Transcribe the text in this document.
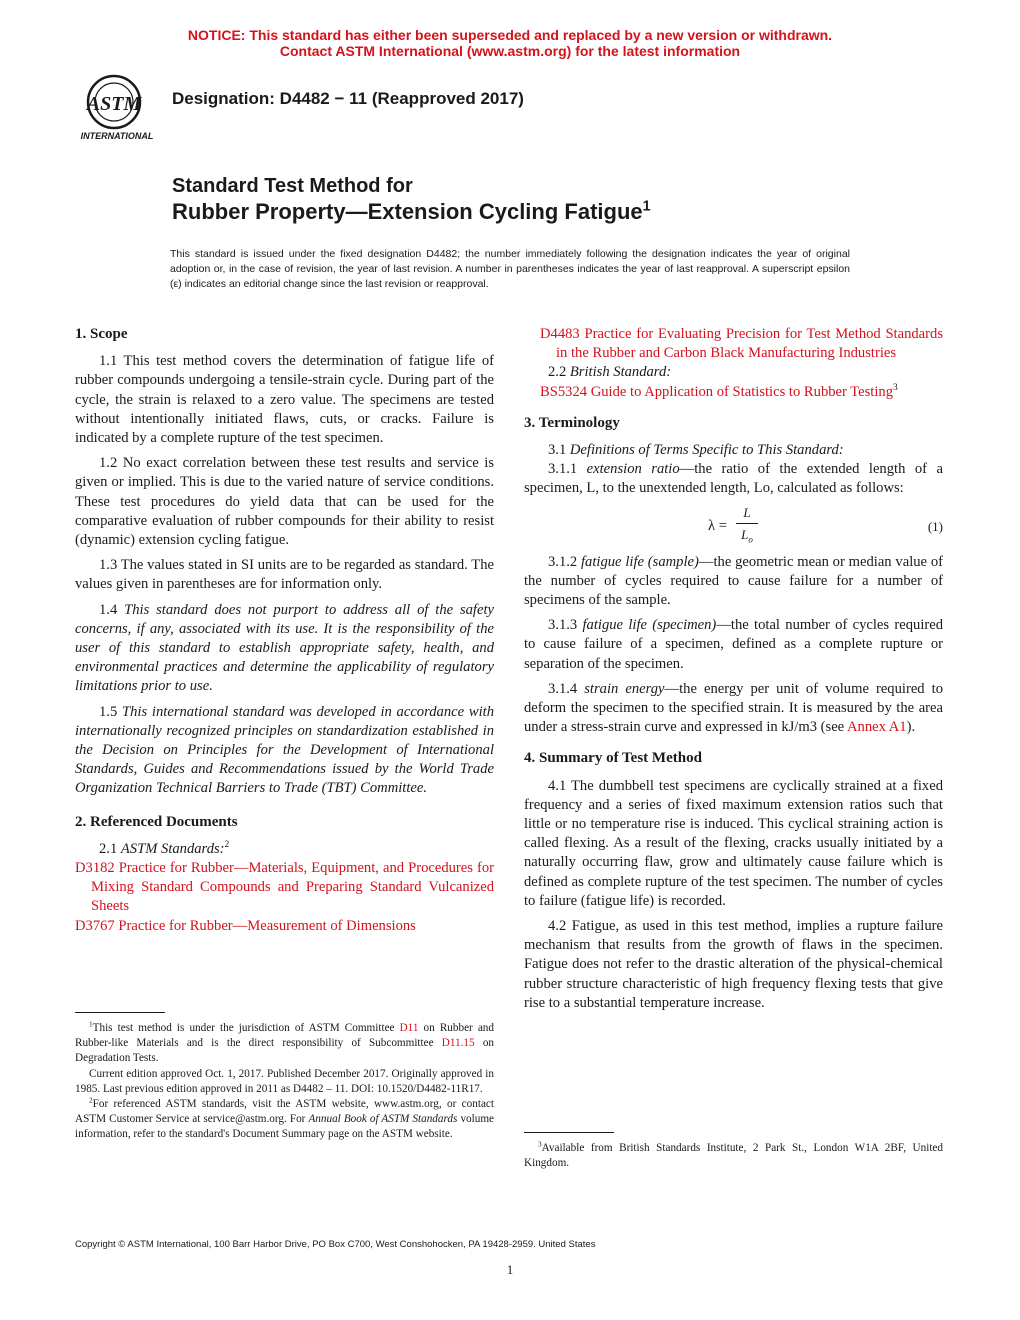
NOTICE: This standard has either been superseded and replaced by a new version or withdrawn.
Contact ASTM International (www.astm.org) for the latest information
ASTM
INTERNATIONAL
Designation: D4482 − 11 (Reapproved 2017)
Standard Test Method for
Rubber Property—Extension Cycling Fatigue$^1$
This standard is issued under the fixed designation D4482; the number immediately following the designation indicates the year of original adoption or, in the case of revision, the year of last revision. A number in parentheses indicates the year of last reapproval. A superscript epsilon (ε) indicates an editorial change since the last revision or reapproval.
1. Scope

1.1 This test method covers the determination of fatigue life of rubber compounds undergoing a tensile-strain cycle. During part of the cycle, the strain is relaxed to a zero value. The specimens are tested without intentionally initiated flaws, cuts, or cracks. Failure is indicated by a complete rupture of the test specimen.

1.2 No exact correlation between these test results and service is given or implied. This is due to the varied nature of service conditions. These test procedures do yield data that can be used for the comparative evaluation of rubber compounds for their ability to resist (dynamic) extension cycling fatigue.

1.3 The values stated in SI units are to be regarded as standard. The values given in parentheses are for information only.

1.4 This standard does not purport to address all of the safety concerns, if any, associated with its use. It is the responsibility of the user of this standard to establish appropriate safety, health, and environmental practices and determine the applicability of regulatory limitations prior to use.

1.5 This international standard was developed in accordance with internationally recognized principles on standardization established in the Decision on Principles for the Development of International Standards, Guides and Recommendations issued by the World Trade Organization Technical Barriers to Trade (TBT) Committee.

2. Referenced Documents

2.1 ASTM Standards:$^2$

D3182 Practice for Rubber—Materials, Equipment, and Procedures for Mixing Standard Compounds and Preparing Standard Vulcanized Sheets

D3767 Practice for Rubber—Measurement of Dimensions

$^1$This test method is under the jurisdiction of ASTM Committee D11 on Rubber and Rubber-like Materials and is the direct responsibility of Subcommittee D11.15 on Degradation Tests.

Current edition approved Oct. 1, 2017. Published December 2017. Originally approved in 1985. Last previous edition approved in 2011 as D4482 – 11. DOI: 10.1520/D4482-11R17.

$^2$For referenced ASTM standards, visit the ASTM website, www.astm.org, or contact ASTM Customer Service at service@astm.org. For Annual Book of ASTM Standards volume information, refer to the standard's Document Summary page on the ASTM website.

D4483 Practice for Evaluating Precision for Test Method Standards in the Rubber and Carbon Black Manufacturing Industries

2.2 British Standard:

BS5324 Guide to Application of Statistics to Rubber Testing$^3$

3. Terminology

3.1 Definitions of Terms Specific to This Standard:

3.1.1 extension ratio—the ratio of the extended length of a specimen, L, to the unextended length, Lo, calculated as follows:

λ =
L
$L_o$
(1)

3.1.2 fatigue life (sample)—the geometric mean or median value of the number of cycles required to cause failure for a number of specimens of the sample.

3.1.3 fatigue life (specimen)—the total number of cycles required to cause failure of a specimen, defined as a complete rupture or separation of the specimen.

3.1.4 strain energy—the energy per unit of volume required to deform the specimen to the specified strain. It is measured by the area under a stress-strain curve and expressed in kJ/m3 (see Annex A1).

4. Summary of Test Method

4.1 The dumbbell test specimens are cyclically strained at a fixed frequency and a series of fixed maximum extension ratios such that little or no temperature rise is induced. This cyclical straining action is called flexing. As a result of the flexing, cracks usually initiated by a naturally occurring flaw, grow and ultimately cause failure which is defined as complete rupture of the test specimen. The number of cycles to failure (fatigue life) is recorded.

4.2 Fatigue, as used in this test method, implies a rupture failure mechanism that results from the growth of flaws in the specimen. Fatigue does not refer to the drastic alteration of the physical-chemical rubber structure characteristic of high frequency flexing tests that give rise to a substantial temperature increase.

$^3$Available from British Standards Institute, 2 Park St., London W1A 2BF, United Kingdom.

Copyright © ASTM International, 100 Barr Harbor Drive, PO Box C700, West Conshohocken, PA 19428-2959. United States
1
